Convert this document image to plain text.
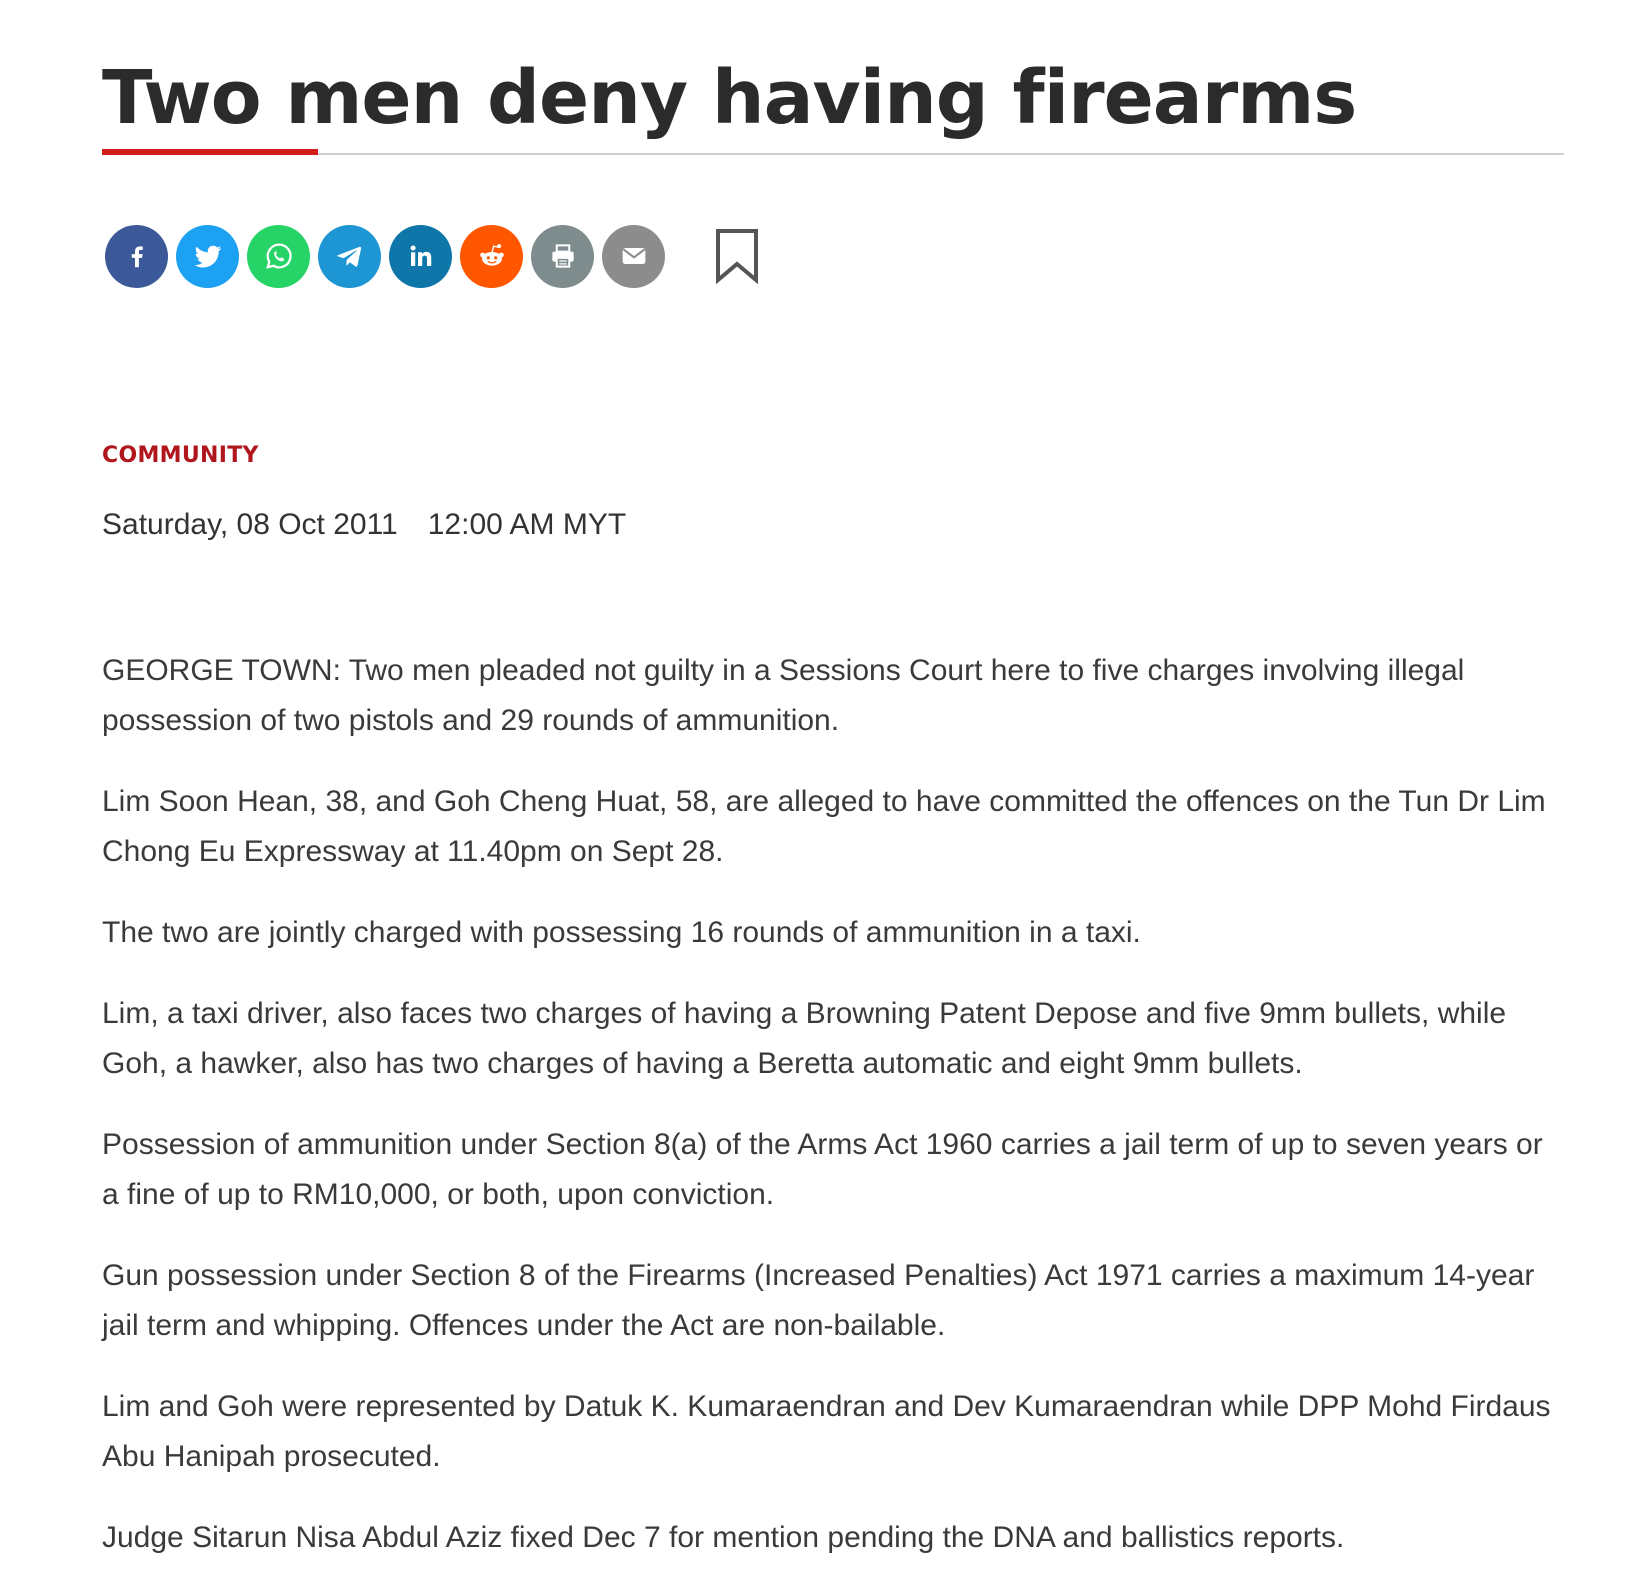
Two men deny having firearms
COMMUNITY
Saturday, 08 Oct 2011 12:00 AM MYT

GEORGE TOWN: Two men pleaded not guilty in a Sessions Court here to five charges involving illegal possession of two pistols and 29 rounds of ammunition.

Lim Soon Hean, 38, and Goh Cheng Huat, 58, are alleged to have committed the offences on the Tun Dr Lim Chong Eu Expressway at 11.40pm on Sept 28.

The two are jointly charged with possessing 16 rounds of ammunition in a taxi.

Lim, a taxi driver, also faces two charges of having a Browning Patent Depose and five 9mm bullets, while Goh, a hawker, also has two charges of having a Beretta automatic and eight 9mm bullets.

Possession of ammunition under Section 8(a) of the Arms Act 1960 carries a jail term of up to seven years or a fine of up to RM10,000, or both, upon conviction.

Gun possession under Section 8 of the Firearms (Increased Penalties) Act 1971 carries a maximum 14-year jail term and whipping. Offences under the Act are non-bailable.

Lim and Goh were represented by Datuk K. Kumaraendran and Dev Kumaraendran while DPP Mohd Firdaus Abu Hanipah prosecuted.

Judge Sitarun Nisa Abdul Aziz fixed Dec 7 for mention pending the DNA and ballistics reports.
